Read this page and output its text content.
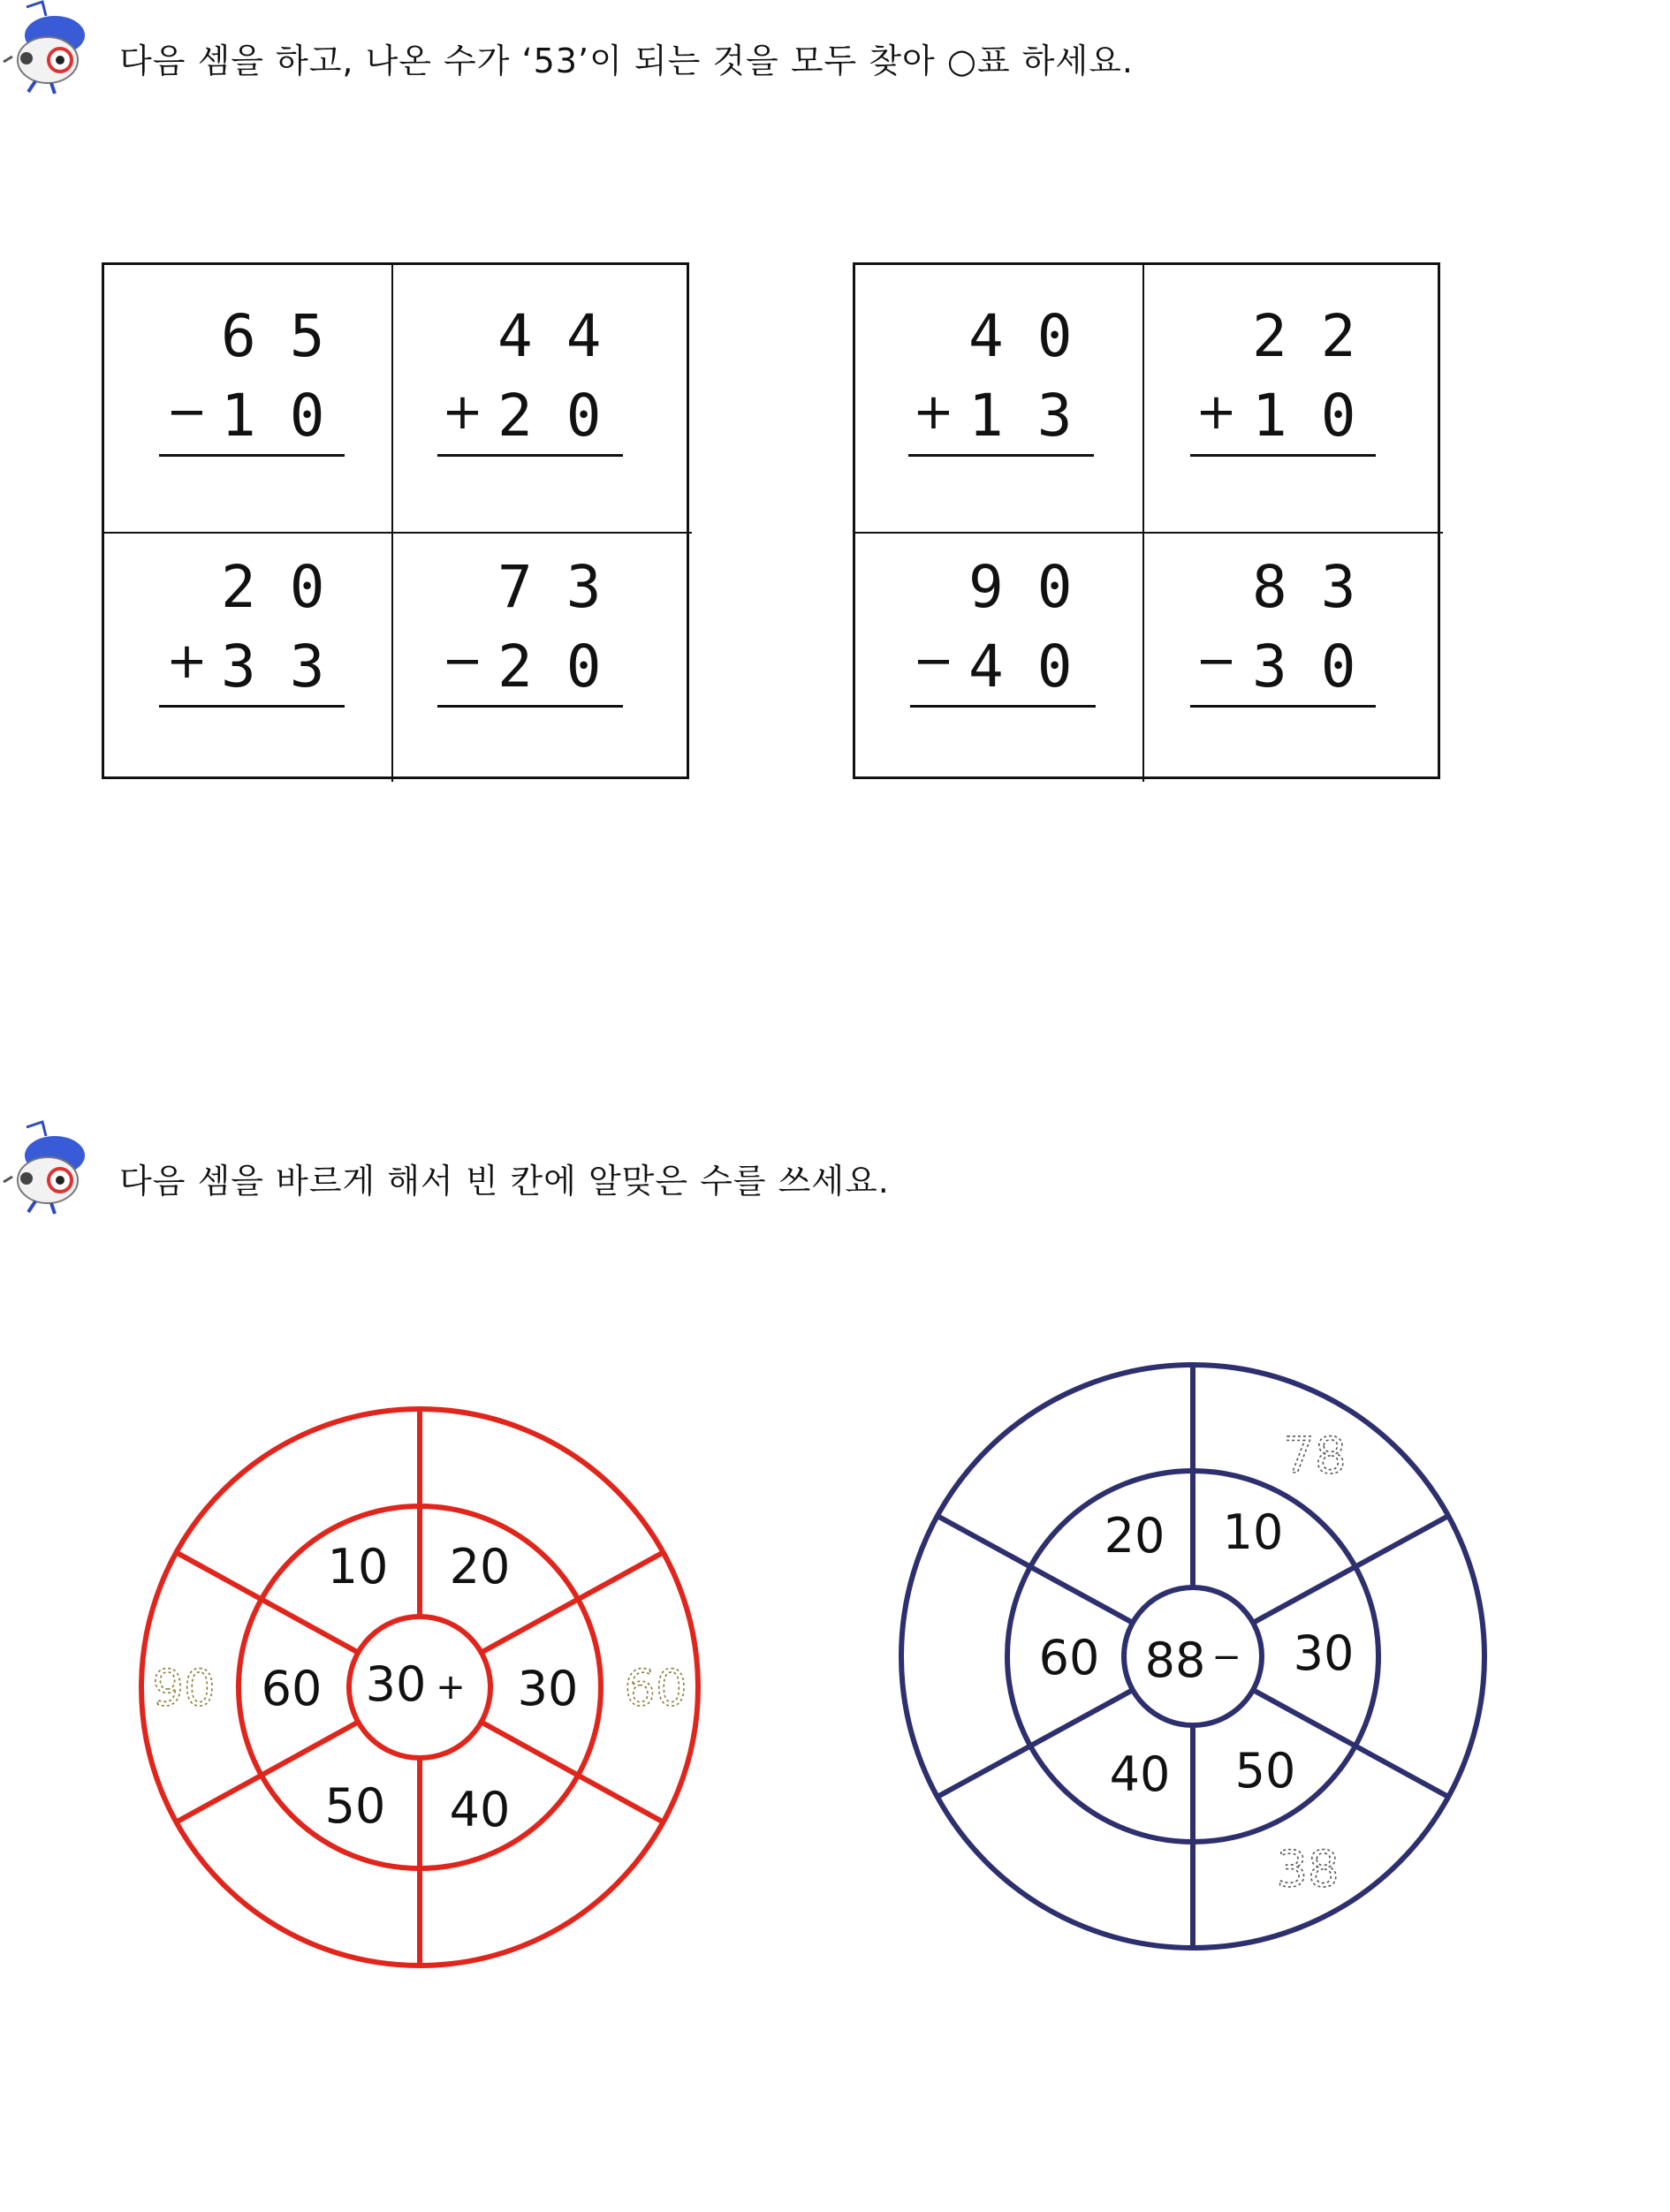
다음 셈을 하고, 나온 수가 ‘53’이 되는 것을 모두 찾아 ○표 하세요.
65
− 10
44
+ 20
20
+ 33
73
− 20
40
+ 13
22
+ 10
90
− 40
83
− 30
다음 셈을 바르게 해서 빈 칸에 알맞은 수를 쓰세요.
10 20
30
40
50
60 30 +
90	60
10
30
50
40
60
20
88 −
78
38
